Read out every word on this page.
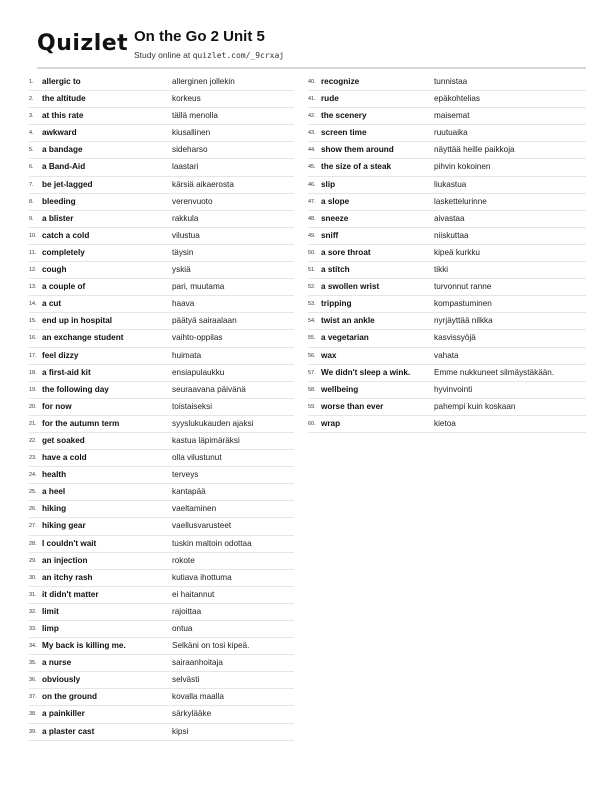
Quizlet On the Go 2 Unit 5
Study online at quizlet.com/_9crxaj
1. allergic to	allerginen jollekin
2. the altitude	korkeus
3. at this rate	tällä menolla
4. awkward	kiusallinen
5. a bandage	sideharso
6. a Band-Aid	laastari
7. be jet-lagged	kärsiä aikaerosta
8. bleeding	verenvuoto
9. a blister	rakkula
10. catch a cold	vilustua
11. completely	täysin
12. cough	yskiä
13. a couple of	pari, muutama
14. a cut	haava
15. end up in hospital	päätyä sairaalaan
16. an exchange student	vaihto-oppilas
17. feel dizzy	huimata
18. a first-aid kit	ensiapulaukku
19. the following day	seuraavana päivänä
20. for now	toistaiseksi
21. for the autumn term	syyslukukauden ajaksi
22. get soaked	kastua läpimäräksi
23. have a cold	olla vilustunut
24. health	terveys
25. a heel	kantapää
26. hiking	vaeltaminen
27. hiking gear	vaellusvarusteet
28. I couldn't wait	tuskin maltoin odottaa
29. an injection	rokote
30. an itchy rash	kutiava ihottuma
31. it didn't matter	ei haitannut
32. limit	rajoittaa
33. limp	ontua
34. My back is killing me.	Selkäni on tosi kipeä.
35. a nurse	sairaanhoitaja
36. obviously	selvästi
37. on the ground	kovalla maalla
38. a painkiller	särkylääke
39. a plaster cast	kipsi
40. recognize	tunnistaa
41. rude	epäkohtelias
42. the scenery	maisemat
43. screen time	ruutuaika
44. show them around	näyttää heille paikkoja
45. the size of a steak	pihvin kokoinen
46. slip	liukastua
47. a slope	laskettelurinne
48. sneeze	aivastaa
49. sniff	niiskuttaa
50. a sore throat	kipeä kurkku
51. a stitch	tikki
52. a swollen wrist	turvonnut ranne
53. tripping	kompastuminen
54. twist an ankle	nyrjäyttää nilkka
55. a vegetarian	kasvissyöjä
56. wax	vahata
57. We didn't sleep a wink.	Emme nukkuneet silmäystäkään.
58. wellbeing	hyvinvointi
59. worse than ever	pahempi kuin koskaan
60. wrap	kietoa
